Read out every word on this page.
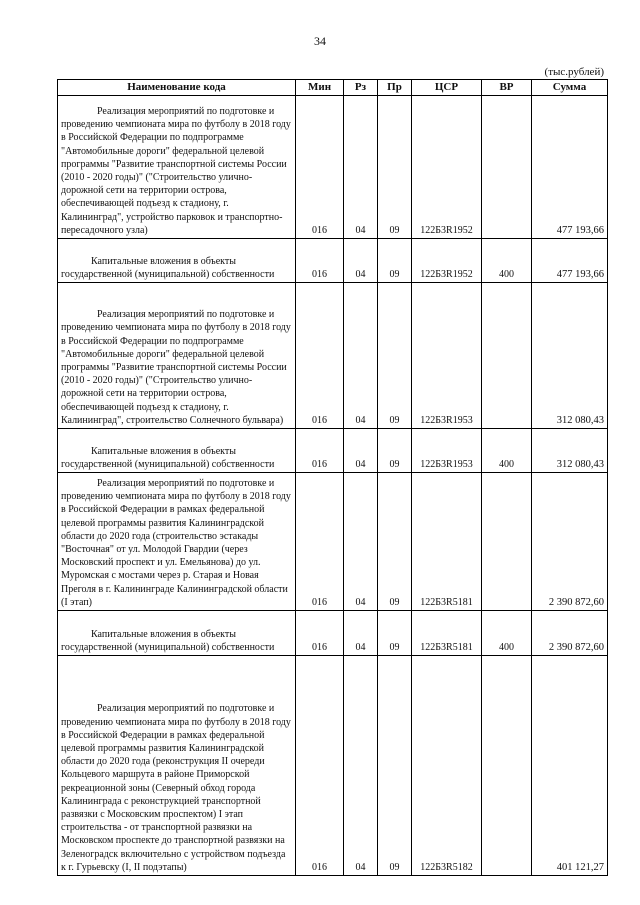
34
(тыс.рублей)
Наименование кода	Мин	Рз	Пр	ЦСР	ВР	Сумма

Реализация мероприятий по подготовке и проведению чемпионата мира по футболу в 2018 году в Российской Федерации по подпрограмме "Автомобильные дороги" федеральной целевой программы "Развитие транспортной системы России (2010 - 2020 годы)" ("Строительство улично-дорожной сети на территории острова, обеспечивающей подъезд к стадиону, г. Калининград", устройство парковок и транспортно-пересадочного узла)	016	04	09	122Б3R1952		477 193,66
Капитальные вложения в объекты государственной (муниципальной) собственности	016	04	09	122Б3R1952	400	477 193,66

Реализация мероприятий по подготовке и проведению чемпионата мира по футболу в 2018 году в Российской Федерации по подпрограмме "Автомобильные дороги" федеральной целевой программы "Развитие транспортной системы России (2010 - 2020 годы)" ("Строительство улично-дорожной сети на территории острова, обеспечивающей подъезд к стадиону, г. Калининград", строительство Солнечного бульвара)	016	04	09	122Б3R1953		312 080,43
Капитальные вложения в объекты государственной (муниципальной) собственности	016	04	09	122Б3R1953	400	312 080,43

Реализация мероприятий по подготовке и проведению чемпионата мира по футболу в 2018 году в Российской Федерации в рамках федеральной целевой программы развития Калининградской области до 2020 года (строительство эстакады "Восточная" от ул. Молодой Гвардии (через Московский проспект и ул. Емельянова) до ул. Муромская с мостами через р. Старая и Новая Преголя в г. Калининграде Калининградской области (I этап)	016	04	09	122Б3R5181		2 390 872,60
Капитальные вложения в объекты государственной (муниципальной) собственности	016	04	09	122Б3R5181	400	2 390 872,60

Реализация мероприятий по подготовке и проведению чемпионата мира по футболу в 2018 году в Российской Федерации в рамках федеральной целевой программы развития Калининградской области до 2020 года (реконструкция II очереди Кольцевого маршрута в районе Приморской рекреационной зоны (Северный обход города Калининграда с реконструкцией транспортной развязки с Московским проспектом) I этап строительства - от транспортной развязки на Московском проспекте до транспортной развязки на Зеленоградск включительно с устройством подъезда к г. Гурьевску (I, II подэтапы)	016	04	09	122Б3R5182		401 121,27
